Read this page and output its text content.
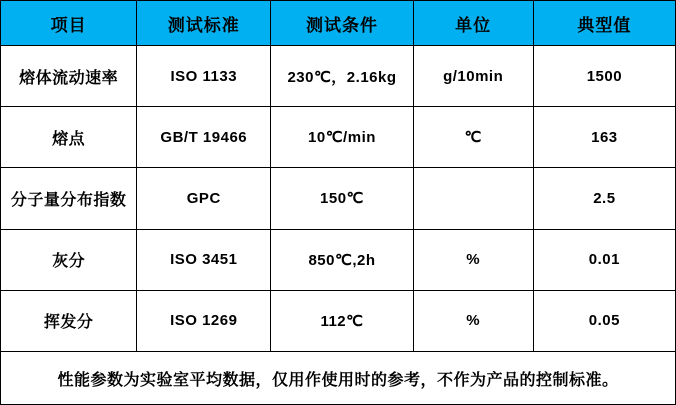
项目	测试标准	测试条件	单位	典型值
熔体流动速率	ISO 1133	230℃，2.16kg	g/10min	1500
熔点	GB/T 19466	10℃/min	℃	163
分子量分布指数	GPC	150℃		2.5
灰分	ISO 3451	850℃,2h	%	0.01
挥发分	ISO 1269	112℃	%	0.05
性能参数为实验室平均数据，仅用作使用时的参考，不作为产品的控制标准。				
